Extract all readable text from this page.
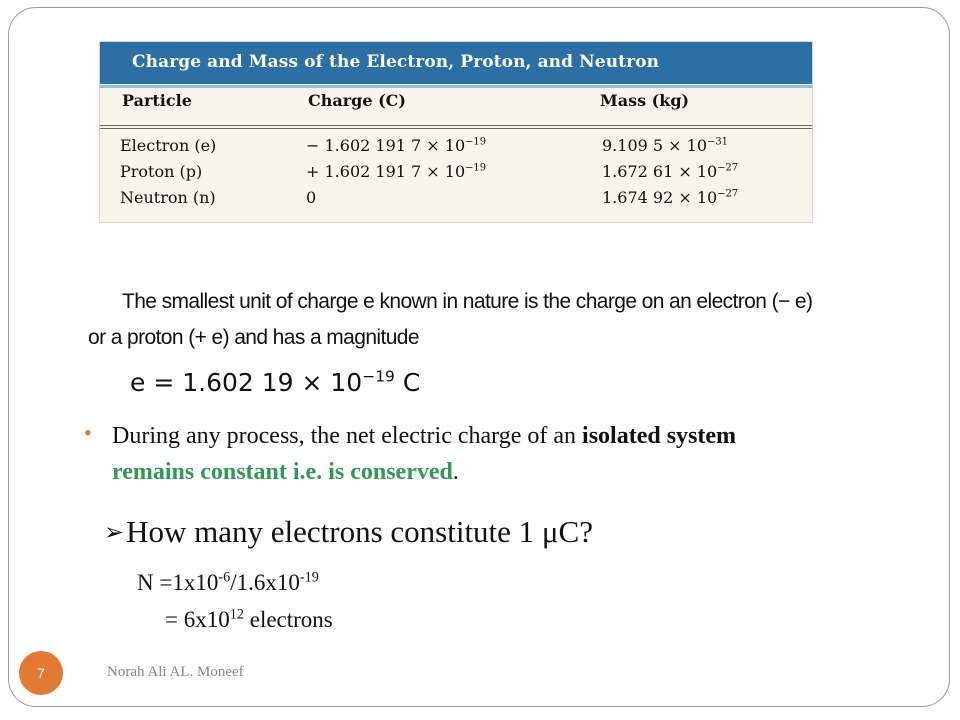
Charge and Mass of the Electron, Proton, and Neutron
Particle	Charge (C)	Mass (kg)
Electron (e)	− 1.602 191 $7 \times 10^{-19}$	9.109 $5 \times 10^{-31}$
Proton (p)	+ 1.602 191 $7 \times 10^{-19}$	1.672 $61 \times 10^{-27}$
Neutron (n)	0	1.674 $92 \times 10^{-27}$
The smallest unit of charge e known in nature is the charge on an electron (− e)
or a proton (+ e) and has a magnitude
e = 1.602 $19 \times 10^{-19}$ C
• During any process, the net electric charge of an isolated system remains constant i.e. is conserved.
➢How many electrons constitute 1 μC?
$N =1x10^{-6}/1.6x10^{-19}$
= $6x10^{12}$ electrons
7	Norah Ali AL. Moneef
